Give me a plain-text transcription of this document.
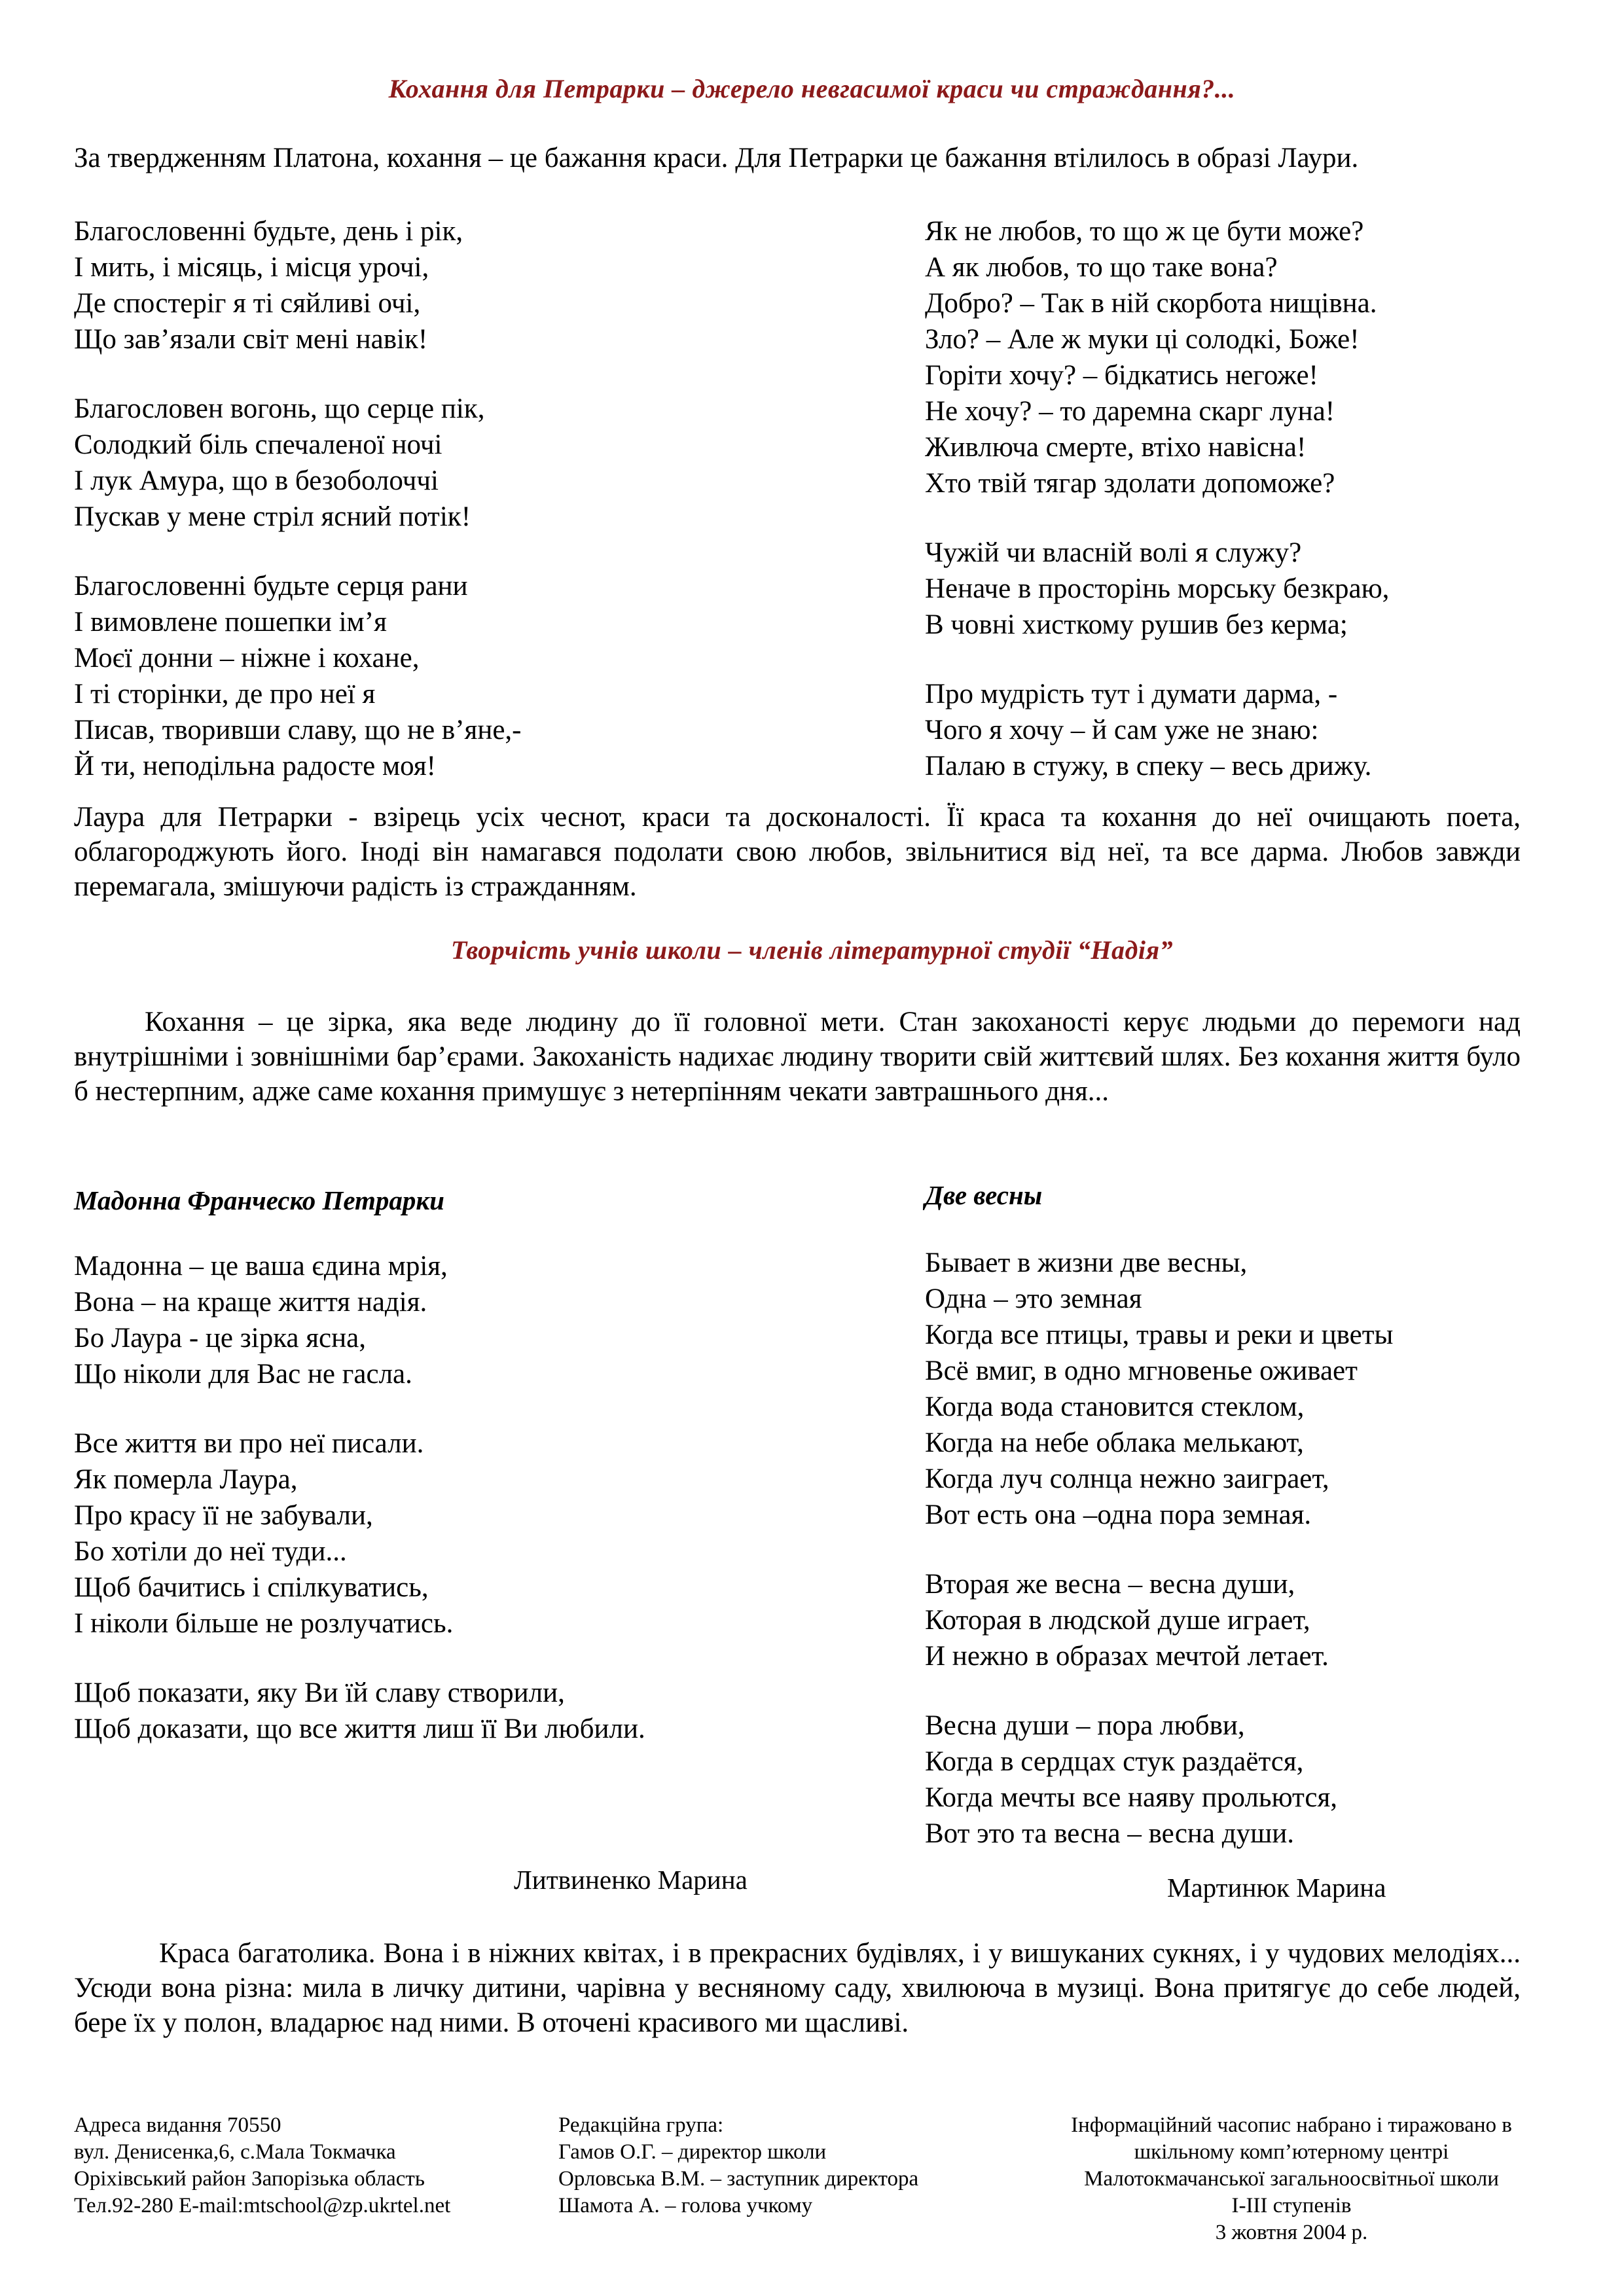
Кохання для Петрарки – джерело невгасимої краси чи страждання?...
За твердженням Платона, кохання – це бажання краси. Для Петрарки це бажання втілилось в образі Лаури.
Благословенні будьте, день і рік,
І мить, і місяць, і місця урочі,
Де спостеріг я ті сяйливі очі,
Що зав’язали світ мені навік!
Благословен вогонь, що серце пік,
Солодкий біль спечаленої ночі
І лук Амура, що в безоболоччі
Пускав у мене стріл ясний потік!
Благословенні будьте серця рани
І вимовлене пошепки ім’я
Моєї донни – ніжне і кохане,
І ті сторінки, де про неї я
Писав, творивши славу, що не в’яне,-
Й ти, неподільна радосте моя!
Як не любов, то що ж це бути може?
А як любов, то що таке вона?
Добро? – Так в ній скорбота нищівна.
Зло? – Але ж муки ці солодкі, Боже!
Горіти хочу? – бідкатись негоже!
Не хочу? – то даремна скарг луна!
Живлюча смерте, втіхо навісна!
Хто твій тягар здолати допоможе?
Чужій чи власній волі я служу?
Неначе в просторінь морську безкраю,
В човні хисткому рушив без керма;
Про мудрість тут і думати дарма, -
Чого я хочу – й сам уже не знаю:
Палаю в стужу, в спеку – весь дрижу.
Лаура для Петрарки - взірець усіх чеснот, краси та досконалості. Її краса та кохання до неї очищають поета, облагороджують його. Іноді він намагався подолати свою любов, звільнитися від неї, та все дарма. Любов завжди перемагала, змішуючи радість із стражданням.
Творчість учнів школи – членів літературної студії “Надія”
Кохання – це зірка, яка веде людину до її головної мети. Стан закоханості керує людьми до перемоги над внутрішніми і зовнішніми бар’єрами. Закоханість надихає людину творити свій життєвий шлях. Без кохання життя було б нестерпним, адже саме кохання примушує з нетерпінням чекати завтрашнього дня...
Мадонна Франческо Петрарки	Две весны
Мадонна – це ваша єдина мрія,
Вона – на краще життя надія.
Бо Лаура - це зірка ясна,
Що ніколи для Вас не гасла.
Все життя ви про неї писали.
Як померла Лаура,
Про красу її не забували,
Бо хотіли до неї туди...
Щоб бачитись і спілкуватись,
І ніколи більше не розлучатись.
Щоб показати, яку Ви їй славу створили,
Щоб доказати, що все життя лиш її Ви любили.
Бывает в жизни две весны,
Одна – это земная
Когда все птицы, травы и реки и цветы
Всё вмиг, в одно мгновенье оживает
Когда вода становится стеклом,
Когда на небе облака мелькают,
Когда луч солнца нежно заиграет,
Вот есть она –одна пора земная.
Вторая же весна – весна души,
Которая в людской душе играет,
И нежно в образах мечтой летает.
Весна души – пора любви,
Когда в сердцах стук раздаётся,
Когда мечты все наяву прольются,
Вот это та весна – весна души.
Литвиненко Марина	Мартинюк Марина
Краса багатолика. Вона і в ніжних квітах, і в прекрасних будівлях, і у вишуканих сукнях, і у чудових мелодіях... Усюди вона різна: мила в личку дитини, чарівна у весняному саду, хвилююча в музиці. Вона притягує до себе людей, бере їх у полон, владарює над ними. В оточені красивого ми щасливі.
Адреса видання 70550
вул. Денисенка,6, с.Мала Токмачка
Оріхівський район Запорізька область
Тел.92-280 E-mail:mtschool@zp.ukrtel.net
Редакційна група:
Гамов О.Г. – директор школи
Орловська В.М. – заступник директора
Шамота А. – голова учкому
Інформаційний часопис набрано і тиражовано в
шкільному комп’ютерному центрі
Малотокмачанської загальноосвітньої школи
І-ІІІ ступенів
3 жовтня 2004 р.
